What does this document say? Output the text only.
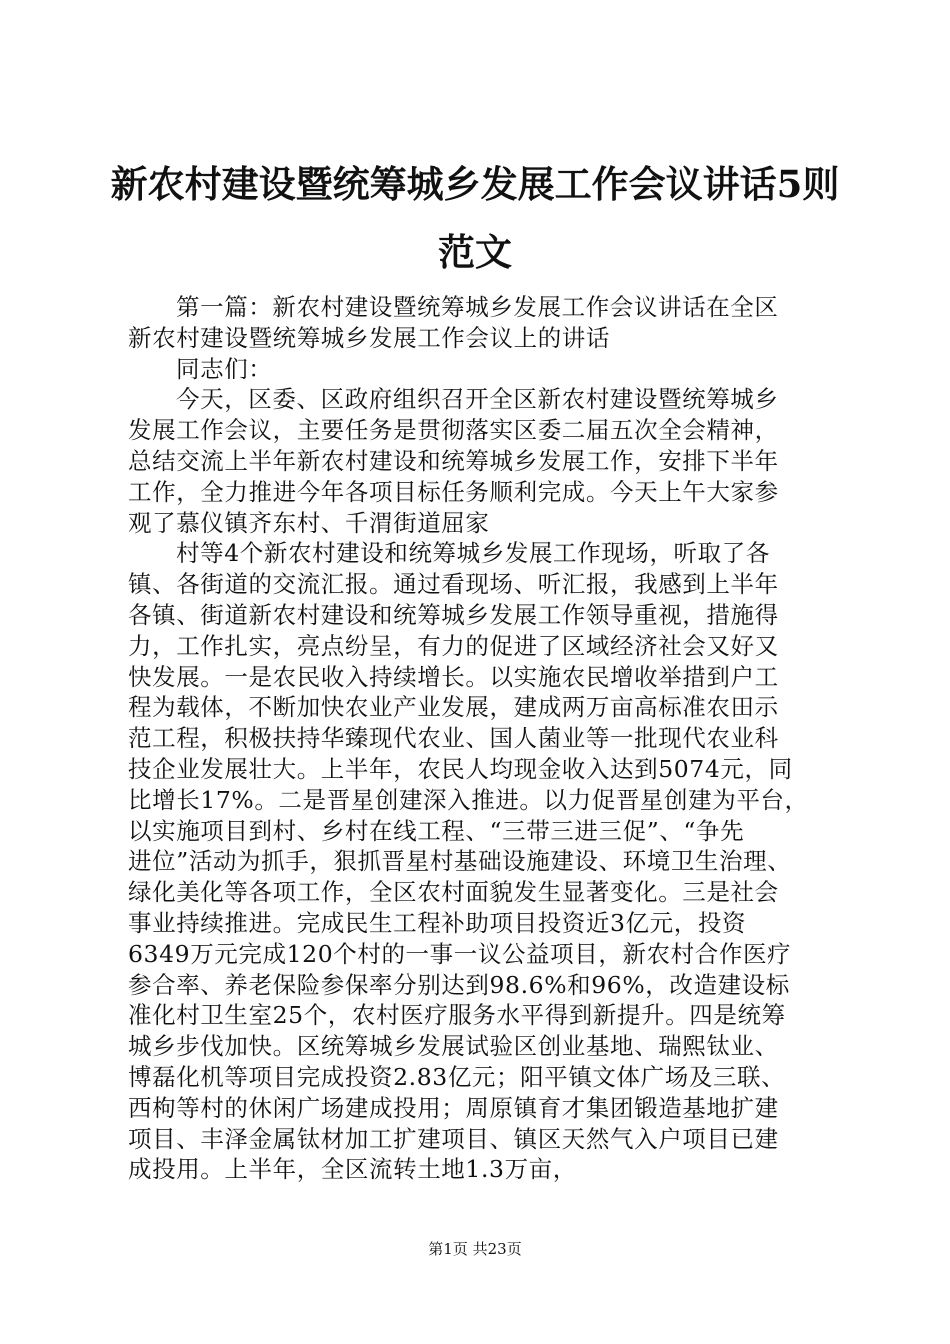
新农村建设暨统筹城乡发展工作会议讲话5则
范文
第一篇：新农村建设暨统筹城乡发展工作会议讲话在全区
新农村建设暨统筹城乡发展工作会议上的讲话
同志们：
今天，区委、区政府组织召开全区新农村建设暨统筹城乡
发展工作会议，主要任务是贯彻落实区委二届五次全会精神，
总结交流上半年新农村建设和统筹城乡发展工作，安排下半年
工作，全力推进今年各项目标任务顺利完成。今天上午大家参
观了慕仪镇齐东村、千渭街道屈家
村等4个新农村建设和统筹城乡发展工作现场，听取了各
镇、各街道的交流汇报。通过看现场、听汇报，我感到上半年
各镇、街道新农村建设和统筹城乡发展工作领导重视，措施得
力，工作扎实，亮点纷呈，有力的促进了区域经济社会又好又
快发展。一是农民收入持续增长。以实施农民增收举措到户工
程为载体，不断加快农业产业发展，建成两万亩高标准农田示
范工程，积极扶持华臻现代农业、国人菌业等一批现代农业科
技企业发展壮大。上半年，农民人均现金收入达到5074元，同
比增长17%。二是晋星创建深入推进。以力促晋星创建为平台，
以实施项目到村、乡村在线工程、“三带三进三促”、“争先
进位”活动为抓手，狠抓晋星村基础设施建设、环境卫生治理、
绿化美化等各项工作，全区农村面貌发生显著变化。三是社会
事业持续推进。完成民生工程补助项目投资近3亿元，投资
6349万元完成120个村的一事一议公益项目，新农村合作医疗
参合率、养老保险参保率分别达到98.6%和96%，改造建设标
准化村卫生室25个，农村医疗服务水平得到新提升。四是统筹
城乡步伐加快。区统筹城乡发展试验区创业基地、瑞熙钛业、
博磊化机等项目完成投资2.83亿元；阳平镇文体广场及三联、
西枸等村的休闲广场建成投用；周原镇育才集团锻造基地扩建
项目、丰泽金属钛材加工扩建项目、镇区天然气入户项目已建
成投用。上半年，全区流转土地1.3万亩，
第1页 共23页
